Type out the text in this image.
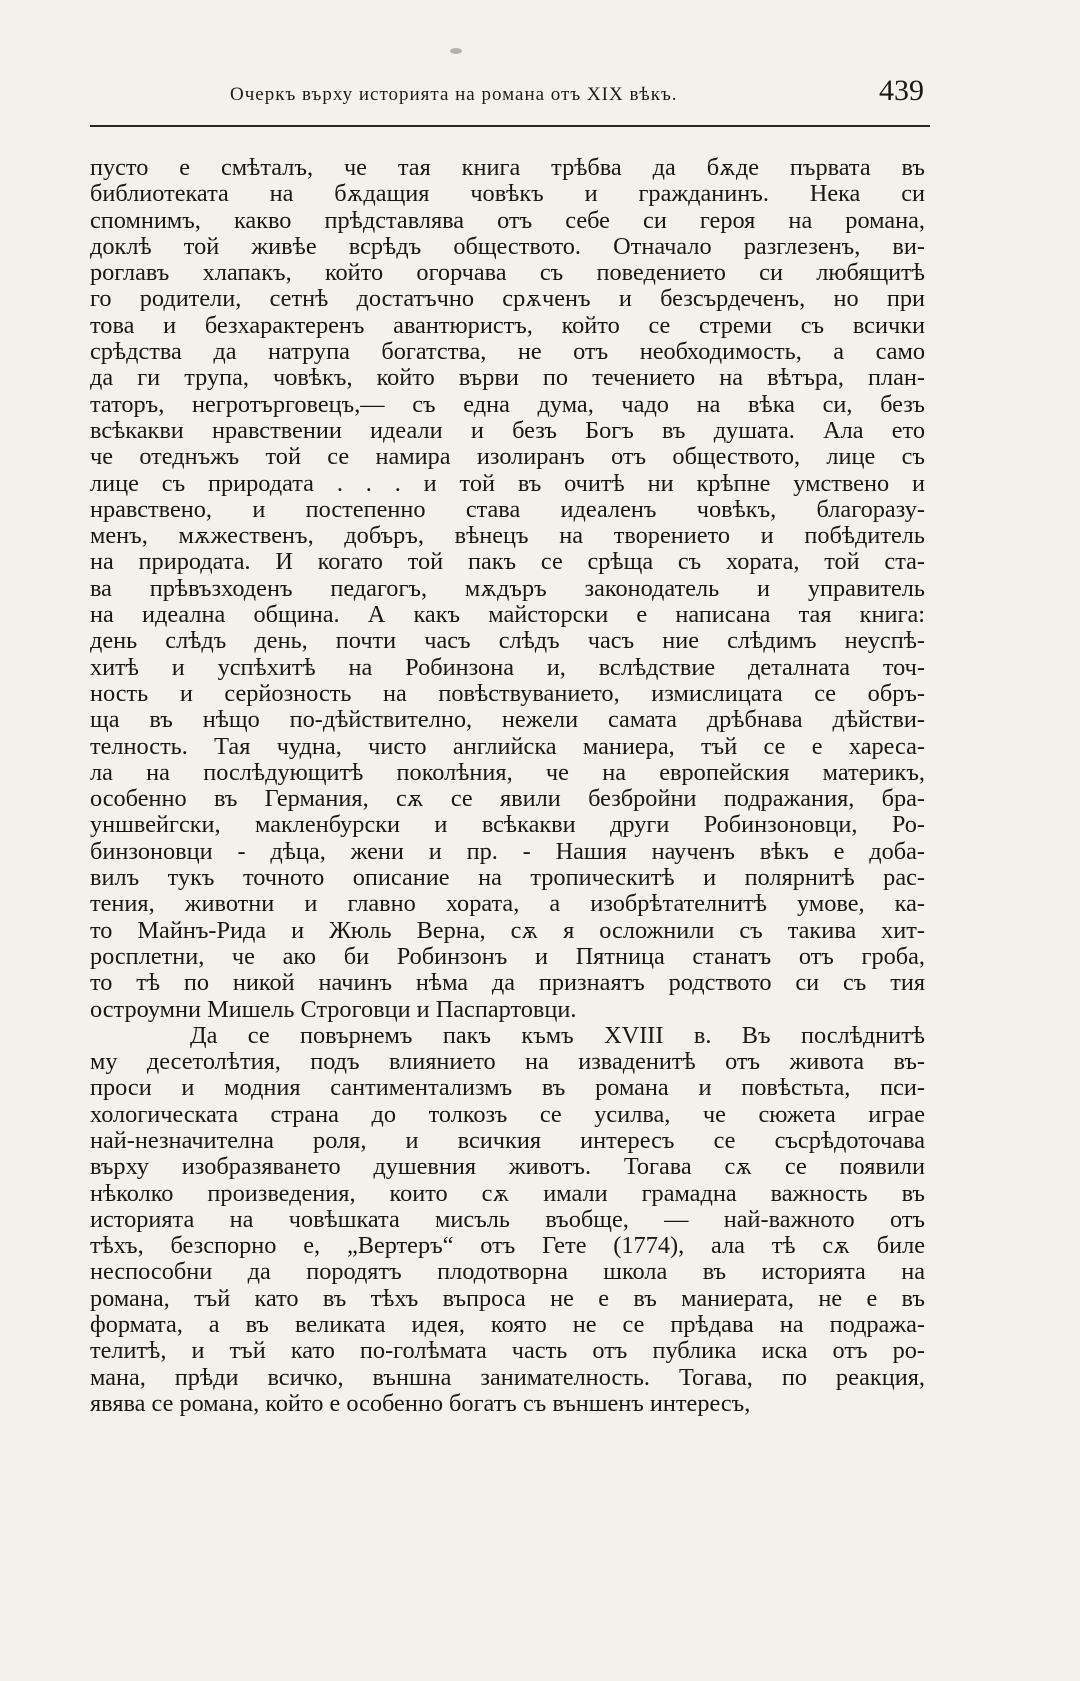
Очеркъ върху историята на романа отъ XIX вѣкъ.	439
пусто е смѣталъ, че тая книга трѣбва да бѫде първата въ
библиотеката на бѫдащия човѣкъ и гражданинъ. Нека си
спомнимъ, какво прѣдставлява отъ себе си героя на романа,
доклѣ той живѣе всрѣдъ обществото. Отначало разглезенъ, ви-
роглавъ хлапакъ, който огорчава съ поведението си любящитѣ
го родители, сетнѣ достатъчно срѫченъ и безсърдеченъ, но при
това и безхарактеренъ авантюристъ, който се стреми съ всички
срѣдства да натрупа богатства, не отъ необходимость, а само
да ги трупа, човѣкъ, който върви по течението на вѣтъра, план-
таторъ, негротърговецъ,— съ една дума, чадо на вѣка си, безъ
всѣкакви нравствении идеали и безъ Богъ въ душата. Ала ето
че отеднъжъ той се намира изолиранъ отъ обществото, лице съ
лице съ природата . . . и той въ очитѣ ни крѣпне умствено и
нравствено, и постепенно става идеаленъ човѣкъ, благоразу-
менъ, мѫжественъ, добъръ, вѣнецъ на творението и побѣдитель
на природата. И когато той пакъ се срѣща съ хората, той ста-
ва прѣвъзходенъ педагогъ, мѫдъръ законодатель и управитель
на идеална община. А какъ майсторски е написана тая книга:
день слѣдъ день, почти часъ слѣдъ часъ ние слѣдимъ неуспѣ-
хитѣ и успѣхитѣ на Робинзона и, вслѣдствие деталната точ-
ность и серйозность на повѣствуванието, измислицата се обръ-
ща въ нѣщо по-дѣйствително, нежели самата дрѣбнава дѣйстви-
телность. Тая чудна, чисто английска маниера, тъй се е хареса-
ла на послѣдующитѣ поколѣния, че на европейския материкъ,
особенно въ Германия, сѫ се явили безбройни подражания, бра-
уншвейгски, макленбурски и всѣкакви други Робинзоновци, Ро-
бинзоновци - дѣца, жени и пр. - Нашия наученъ вѣкъ е доба-
вилъ тукъ точното описание на тропическитѣ и полярнитѣ рас-
тения, животни и главно хората, а изобрѣтателнитѣ умове, ка-
то Майнъ-Рида и Жюль Верна, сѫ я осложнили съ такива хит-
росплетни, че ако би Робинзонъ и Пятница станатъ отъ гроба,
то тѣ по никой начинъ нѣма да признаятъ родството си съ тия
остроумни Мишель Строговци и Паспартовци.
Да се повърнемъ пакъ къмъ XVIII в. Въ послѣднитѣ
му десетолѣтия, подъ влиянието на изваденитѣ отъ живота въ-
проси и модния сантиментализмъ въ романа и повѣстьта, пси-
хологическата страна до толкозъ се усилва, че сюжета играе
най-незначителна роля, и всичкия интересъ се съсрѣдоточава
върху изобразяването душевния животъ. Тогава сѫ се появили
нѣколко произведения, които сѫ имали грамадна важность въ
историята на човѣшката мисъль въобще, — най-важното отъ
тѣхъ, безспорно е, „Вертеръ“ отъ Гете (1774), ала тѣ сѫ биле
неспособни да породятъ плодотворна школа въ историята на
романа, тъй като въ тѣхъ въпроса не е въ маниерата, не е въ
формата, а въ великата идея, която не се прѣдава на подража-
телитѣ, и тъй като по-голѣмата часть отъ публика иска отъ ро-
мана, прѣди всичко, външна занимателность. Тогава, по реакция,
явява се романа, който е особенно богатъ съ външенъ интересъ,
